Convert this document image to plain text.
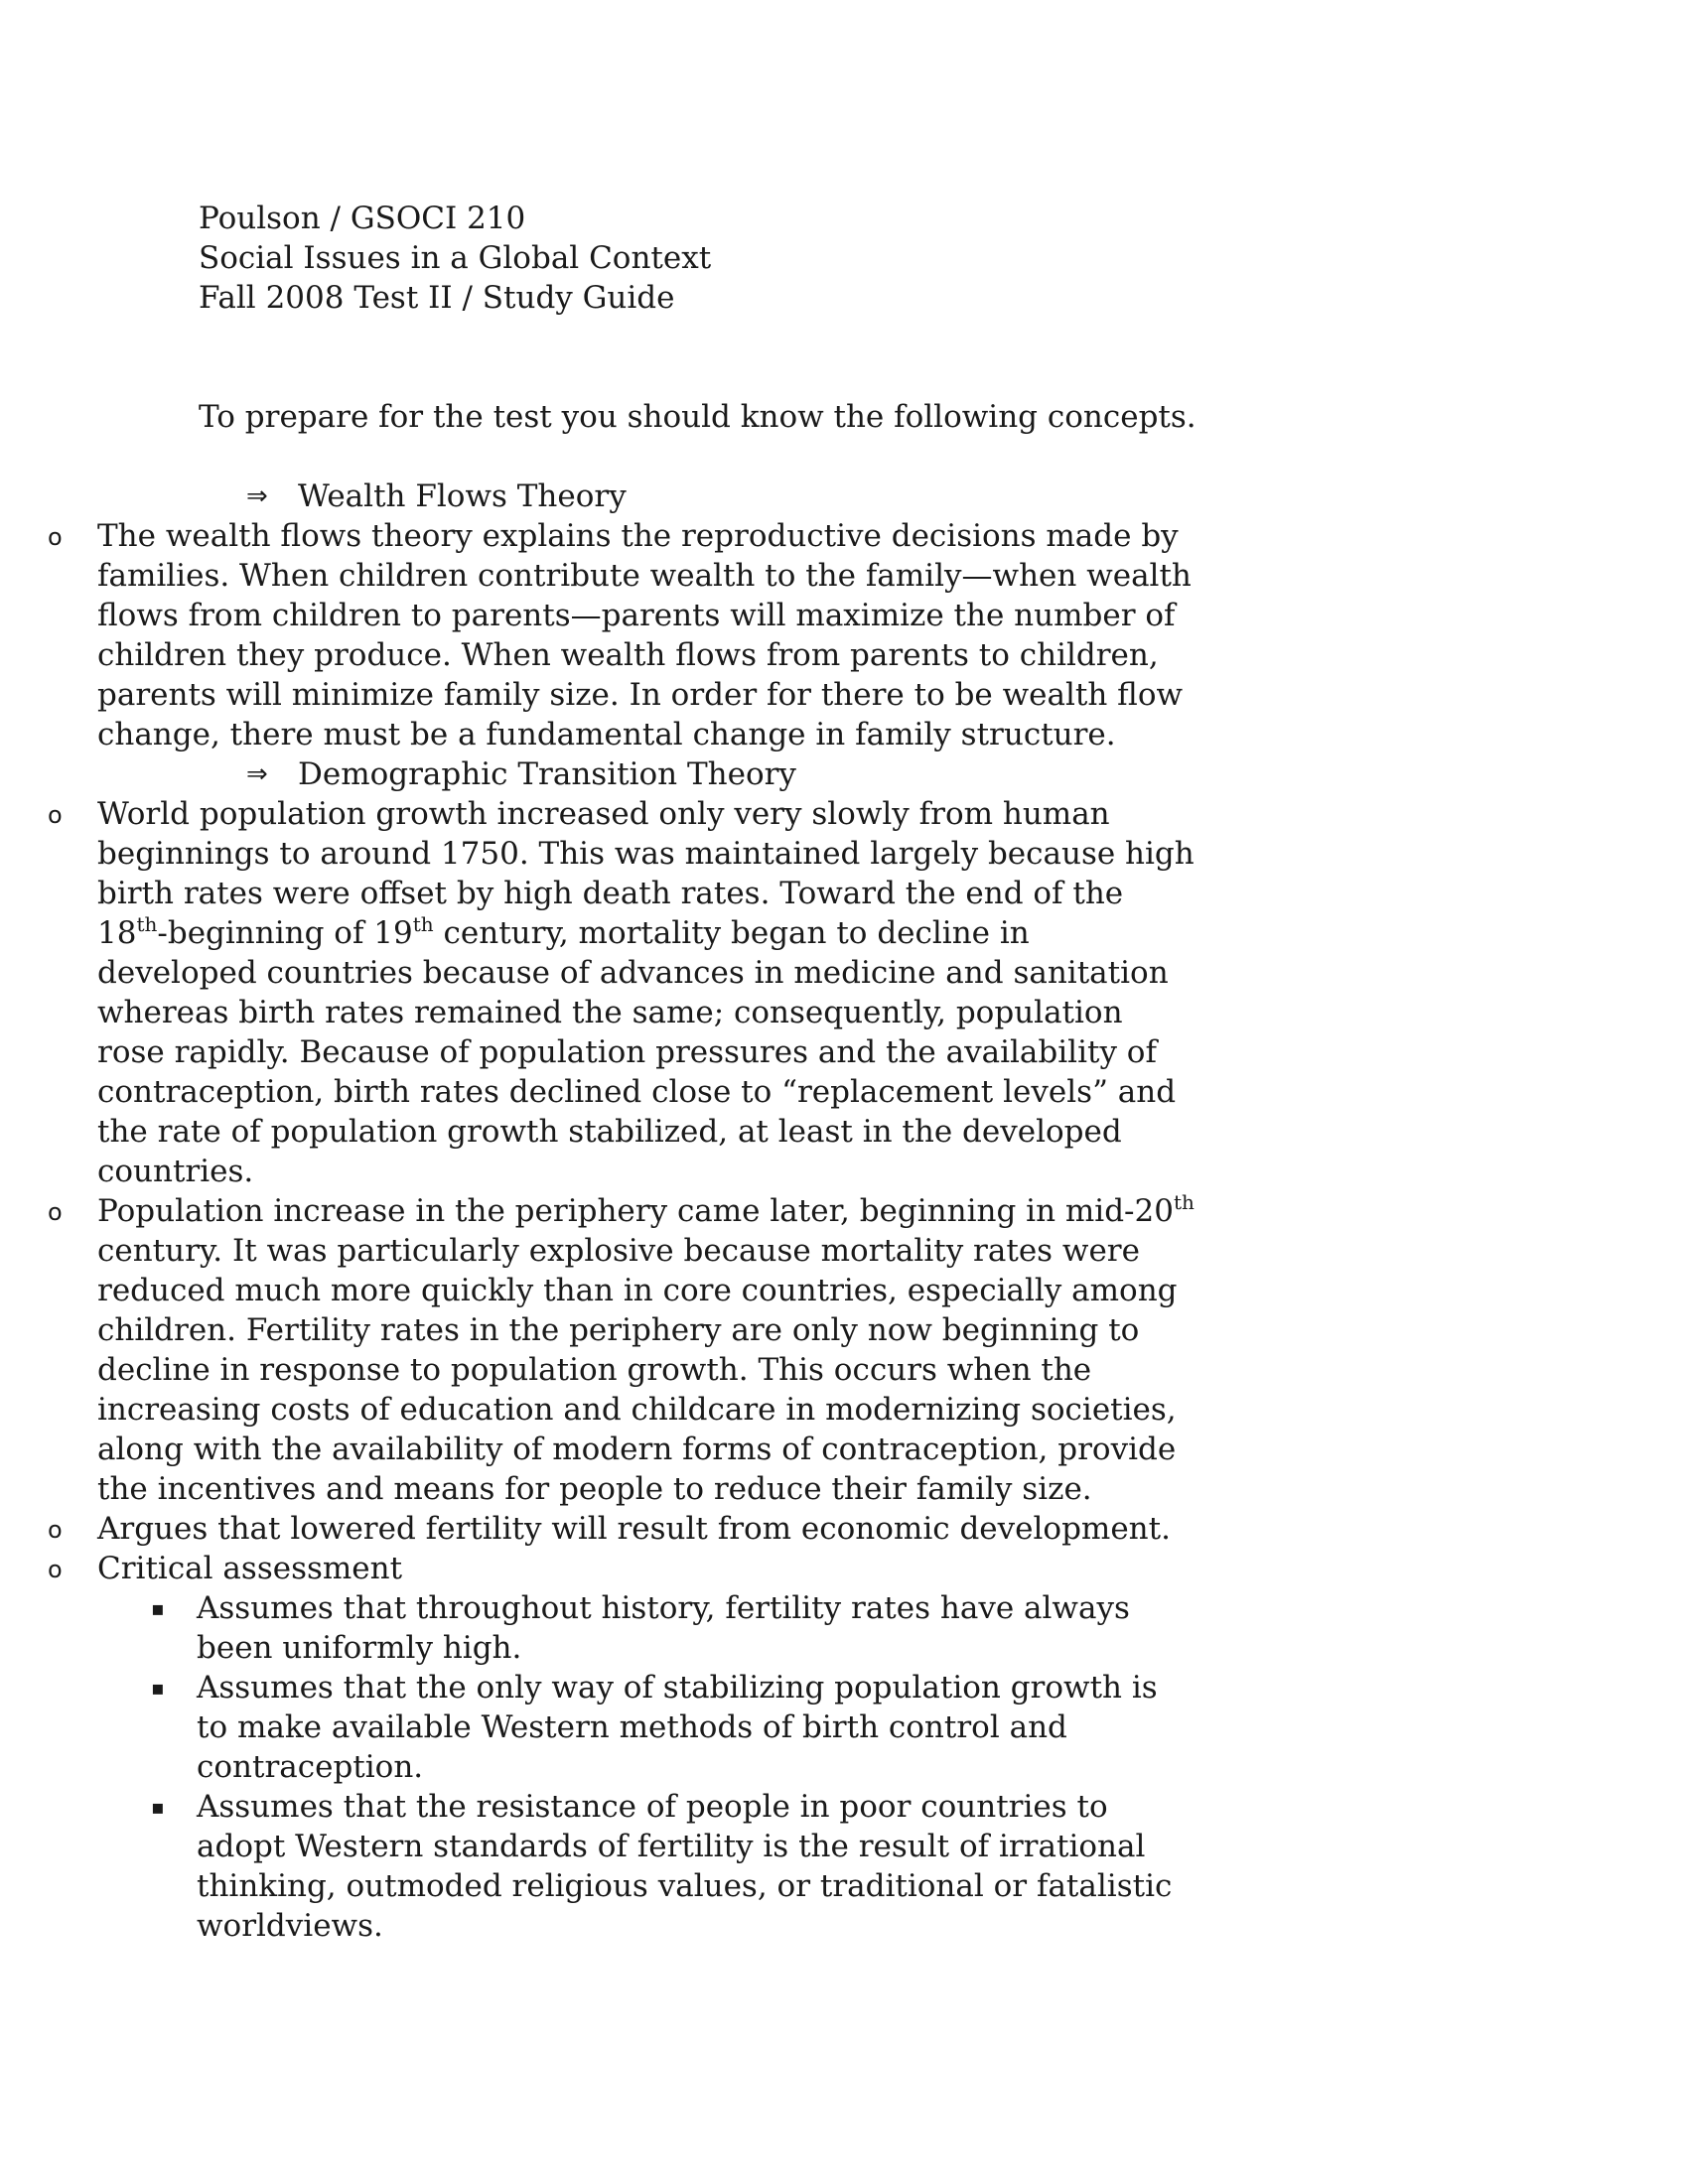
Poulson / GSOCI 210
Social Issues in a Global Context
Fall 2008 Test II / Study Guide
To prepare for the test you should know the following concepts.
⇒ Wealth Flows Theory
o The wealth flows theory explains the reproductive decisions made by families. When children contribute wealth to the family—when wealth flows from children to parents—parents will maximize the number of children they produce. When wealth flows from parents to children, parents will minimize family size. In order for there to be wealth flow change, there must be a fundamental change in family structure.
⇒ Demographic Transition Theory
o World population growth increased only very slowly from human beginnings to around 1750. This was maintained largely because high birth rates were offset by high death rates. Toward the end of the 18th-beginning of 19th century, mortality began to decline in developed countries because of advances in medicine and sanitation whereas birth rates remained the same; consequently, population rose rapidly. Because of population pressures and the availability of contraception, birth rates declined close to “replacement levels” and the rate of population growth stabilized, at least in the developed countries.
o Population increase in the periphery came later, beginning in mid-20th century. It was particularly explosive because mortality rates were reduced much more quickly than in core countries, especially among children. Fertility rates in the periphery are only now beginning to decline in response to population growth. This occurs when the increasing costs of education and childcare in modernizing societies, along with the availability of modern forms of contraception, provide the incentives and means for people to reduce their family size.
o Argues that lowered fertility will result from economic development.
o Critical assessment
▪ Assumes that throughout history, fertility rates have always been uniformly high.
▪ Assumes that the only way of stabilizing population growth is to make available Western methods of birth control and contraception.
▪ Assumes that the resistance of people in poor countries to adopt Western standards of fertility is the result of irrational thinking, outmoded religious values, or traditional or fatalistic worldviews.
